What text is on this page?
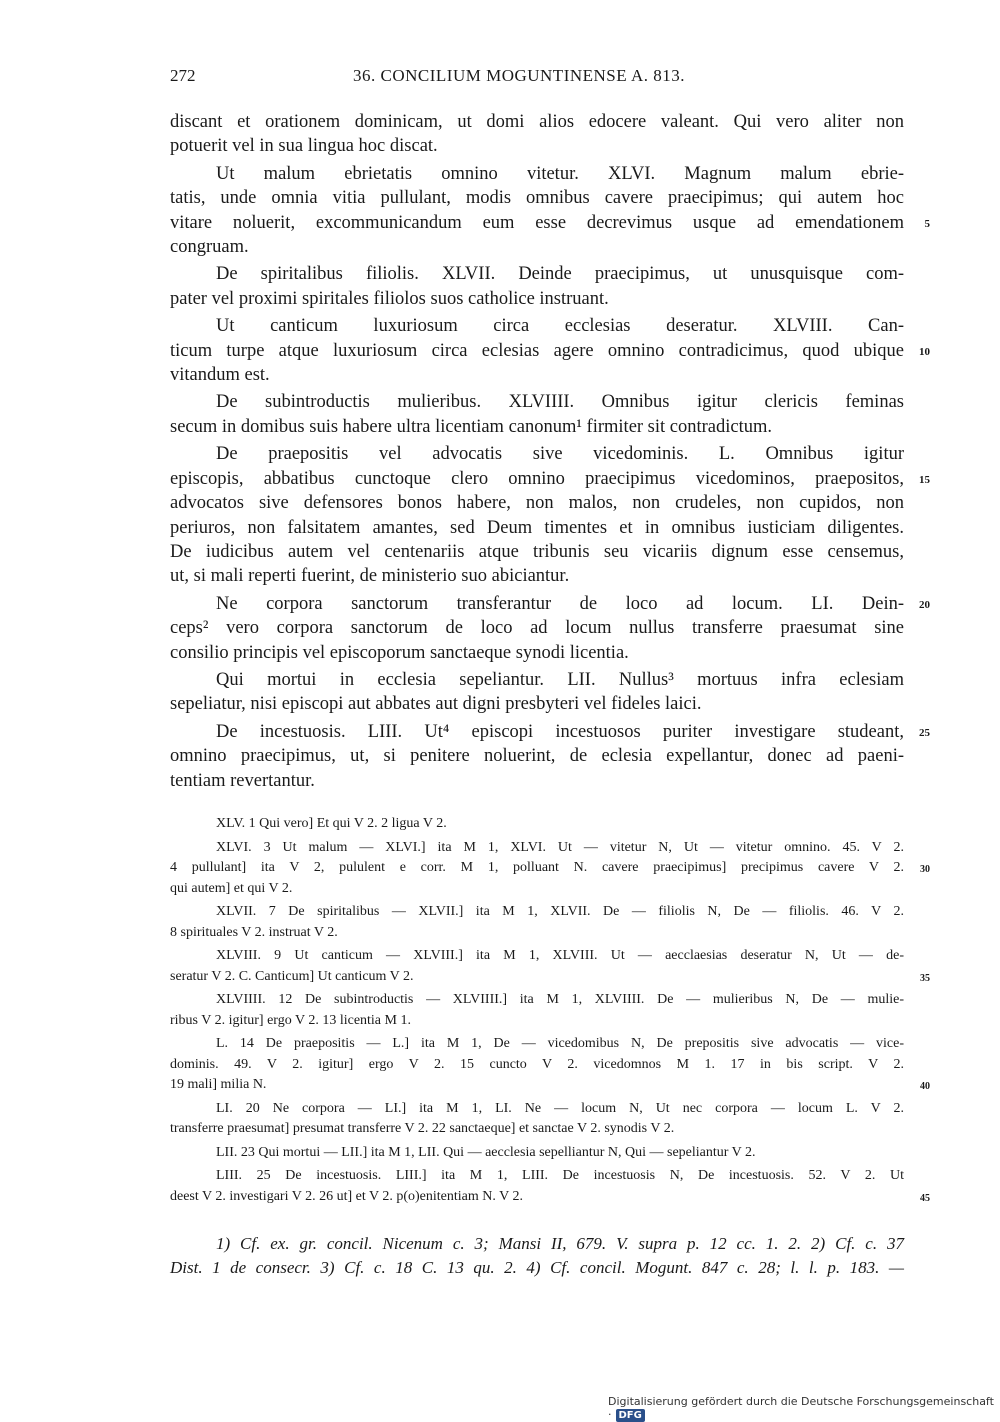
272	36. CONCILIUM MOGUNTINENSE A. 813.
discant et orationem dominicam, ut domi alios edocere valeant. Qui vero aliter non
potuerit vel in sua lingua hoc discat.
Ut malum ebrietatis omnino vitetur. XLVI. Magnum malum ebrie-
tatis, unde omnia vitia pullulant, modis omnibus cavere praecipimus; qui autem hoc
vitare noluerit, excommunicandum eum esse decrevimus usque ad emendationem 5
congruam.
De spiritalibus filiolis. XLVII. Deinde praecipimus, ut unusquisque com-
pater vel proximi spiritales filiolos suos catholice instruant.
Ut canticum luxuriosum circa ecclesias deseratur. XLVIII. Can-
ticum turpe atque luxuriosum circa eclesias agere omnino contradicimus, quod ubique 10
vitandum est.
De subintroductis mulieribus. XLVIIII. Omnibus igitur clericis feminas
secum in domibus suis habere ultra licentiam canonum¹ firmiter sit contradictum.
De praepositis vel advocatis sive vicedominis. L. Omnibus igitur
episcopis, abbatibus cunctoque clero omnino praecipimus vicedominos, praepositos, 15
advocatos sive defensores bonos habere, non malos, non crudeles, non cupidos, non
periuros, non falsitatem amantes, sed Deum timentes et in omnibus iusticiam diligentes.
De iudicibus autem vel centenariis atque tribunis seu vicariis dignum esse censemus,
ut, si mali reperti fuerint, de ministerio suo abiciantur.
Ne corpora sanctorum transferantur de loco ad locum. LI. Dein- 20
ceps² vero corpora sanctorum de loco ad locum nullus transferre praesumat sine
consilio principis vel episcoporum sanctaeque synodi licentia.
Qui mortui in ecclesia sepeliantur. LII. Nullus³ mortuus infra eclesiam
sepeliatur, nisi episcopi aut abbates aut digni presbyteri vel fideles laici.
De incestuosis. LIII. Ut⁴ episcopi incestuosos puriter investigare studeant, 25
omnino praecipimus, ut, si penitere noluerint, de eclesia expellantur, donec ad paeni-
tentiam revertantur.
XLV. 1 Qui vero] Et qui V 2. 2 ligua V 2.
XLVI. 3 Ut malum — XLVI.] ita M 1, XLVI. Ut — vitetur N, Ut — vitetur omnino. 45. V 2.
4 pullulant] ita V 2, pululent e corr. M 1, polluant N. cavere praecipimus] precipimus cavere V 2. 30
qui autem] et qui V 2.
XLVII. 7 De spiritalibus — XLVII.] ita M 1, XLVII. De — filiolis N, De — filiolis. 46. V 2.
8 spirituales V 2. instruat V 2.
XLVIII. 9 Ut canticum — XLVIII.] ita M 1, XLVIII. Ut — aecclaesias deseratur N, Ut — de-
seratur V 2. C. Canticum] Ut canticum V 2.	35
XLVIIII. 12 De subintroductis — XLVIIII.] ita M 1, XLVIIII. De — mulieribus N, De — mulie-
ribus V 2. igitur] ergo V 2. 13 licentia M 1.
L. 14 De praepositis — L.] ita M 1, De — vicedomibus N, De prepositis sive advocatis — vice-
dominis. 49. V 2. igitur] ergo V 2. 15 cuncto V 2. vicedomnos M 1. 17 in bis script. V 2.
19 mali] milia N.	40
LI. 20 Ne corpora — LI.] ita M 1, LI. Ne — locum N, Ut nec corpora — locum L. V 2.
transferre praesumat] presumat transferre V 2. 22 sanctaeque] et sanctae V 2. synodis V 2.
LII. 23 Qui mortui — LII.] ita M 1, LII. Qui — aecclesia sepelliantur N, Qui — sepeliantur V 2.
LIII. 25 De incestuosis. LIII.] ita M 1, LIII. De incestuosis N, De incestuosis. 52. V 2. Ut
deest V 2. investigari V 2. 26 ut] et V 2. p(o)enitentiam N. V 2.	45
1) Cf. ex. gr. concil. Nicenum c. 3; Mansi II, 679. V. supra p. 12 cc. 1. 2. 2) Cf. c. 37
Dist. 1 de consecr. 3) Cf. c. 18 C. 13 qu. 2. 4) Cf. concil. Mogunt. 847 c. 28; l. l. p. 183. —
Digitalisierung gefördert durch die Deutsche Forschungsgemeinschaft · DFG
